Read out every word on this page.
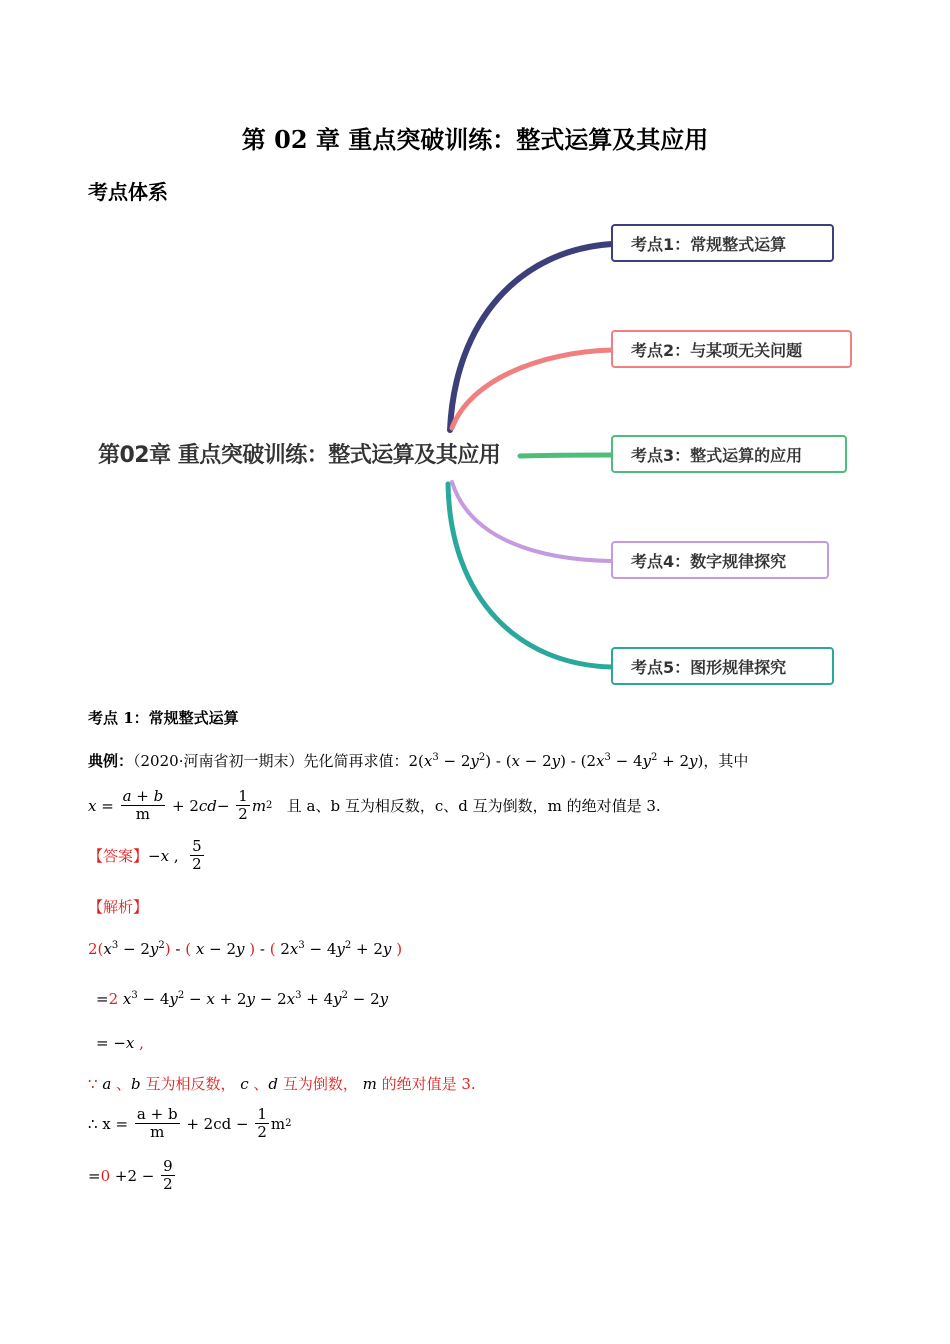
第 02 章 重点突破训练：整式运算及其应用
考点体系
第02章 重点突破训练：整式运算及其应用
考点1：常规整式运算
考点2：与某项无关问题
考点3：整式运算的应用
考点4：数字规律探究
考点5：图形规律探究
考点 1：常规整式运算
典例：（2020·河南省初一期末）先化简再求值：$2(x^3 - 2y^2) - (x - 2y) - (2x^3 - 4y^2 + 2y)$，其中
$x = \frac{a + b}{m} + 2$ cd − $\frac{1}{2}$ m 2
且 a、b 互为相反数，c、d 互为倒数，m 的绝对值是 3.
【答案】 − x , $\frac{5}{2}$
【解析】
$2(x^3 - 2y^2)$ - ( x − 2y ) - ( $2x^3 - 4y^2 + 2y$ )
=2 $x^3 - 4y^2 - x + 2y - 2x^3 + 4y^2 - 2y$
= −x ,
∵ a 、b 互为相反数， c 、d 互为倒数， m 的绝对值是 3.
∴ $x = \frac{a + b}{m} + 2cd - \frac{1}{2}$ m 2
= $0 +2 - \frac{9}{2}$
